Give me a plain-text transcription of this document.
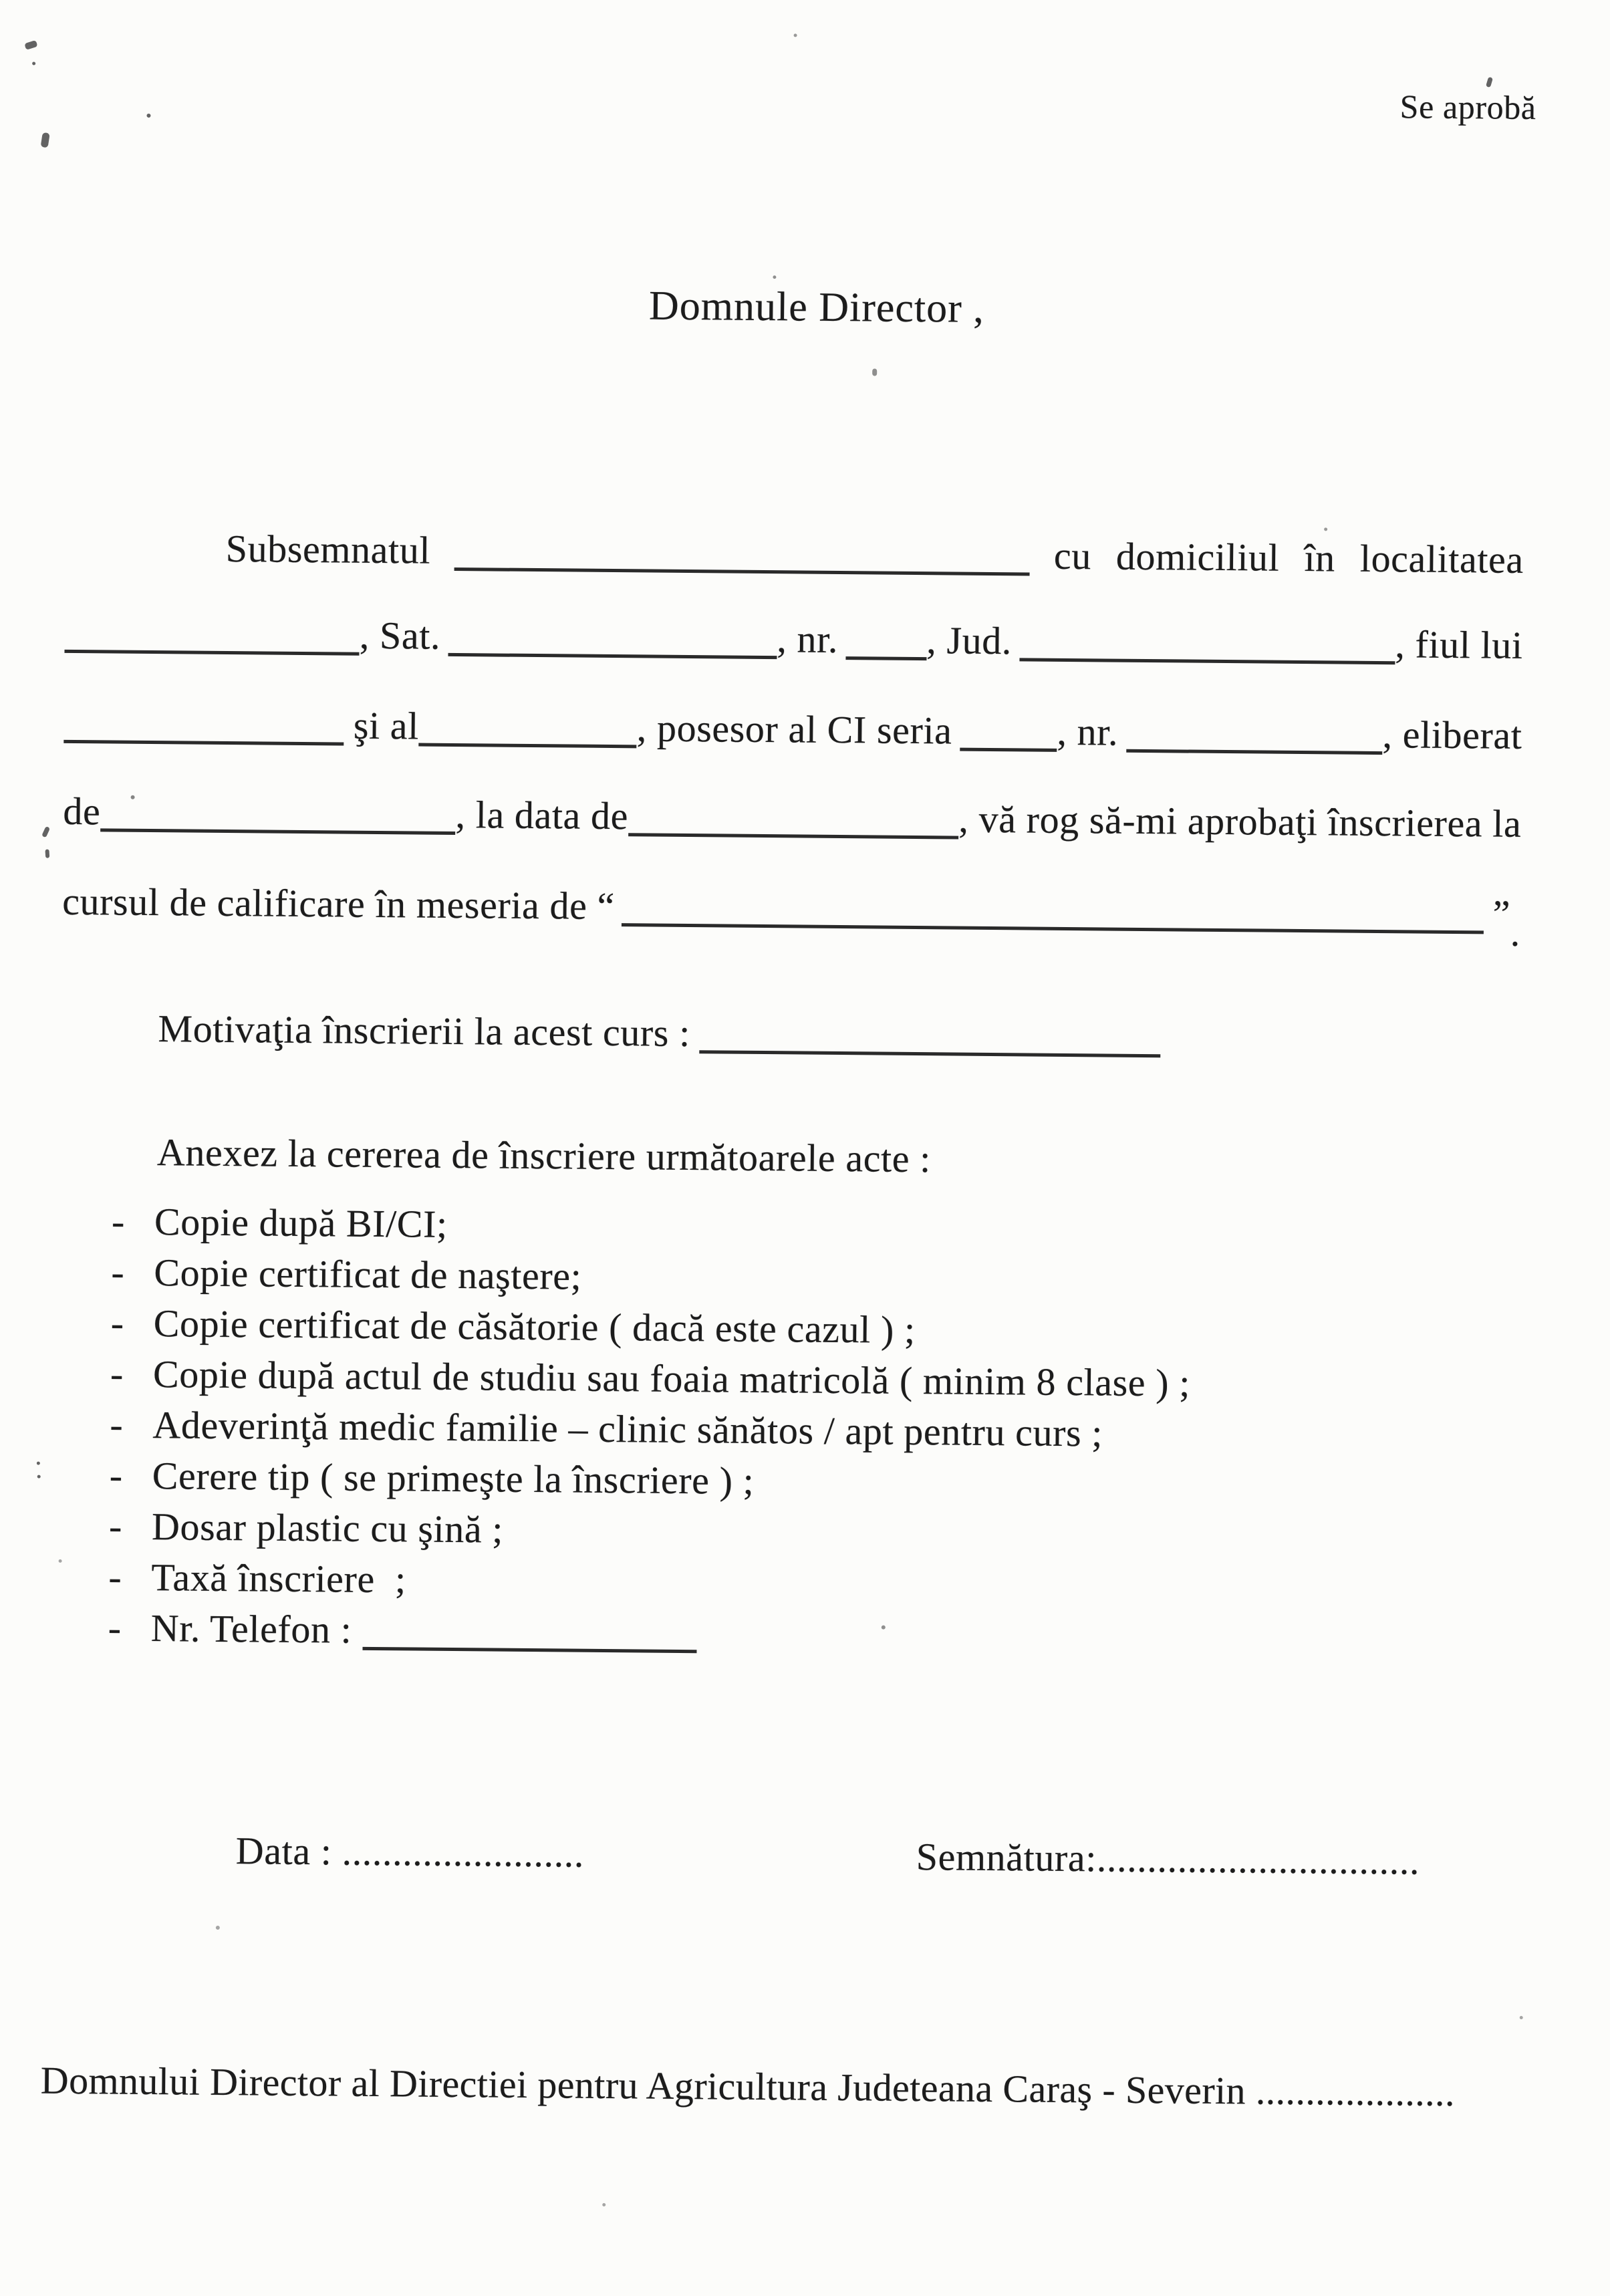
Se aprobă
Domnule Director ,
Subsemnatul	cu domiciliul în localitatea
, Sat.	, nr. , Jud.	, fiul lui
şi al	, posesor al CI seria	, nr.	, eliberat
de	, la data de	, vă rog să-mi aprobaţi înscrierea la
cursul de calificare în meseria de “	” .
Motivaţia înscrierii la acest curs :
Anexez la cererea de înscriere următoarele acte :
- Copie după BI/CI;
- Copie certificat de naştere;
- Copie certificat de căsătorie ( dacă este cazul ) ;
- Copie după actul de studiu sau foaia matricolă ( minim 8 clase ) ;
- Adeverinţă medic familie – clinic sănătos / apt pentru curs ;
- Cerere tip ( se primeşte la înscriere ) ;
- Dosar plastic cu şină ;
- Taxă înscriere  ;
- Nr. Telefon :
Data : ........................	Semnătura:................................
Domnului Director al Directiei pentru Agricultura Judeteana Caraş - Severin ....................
